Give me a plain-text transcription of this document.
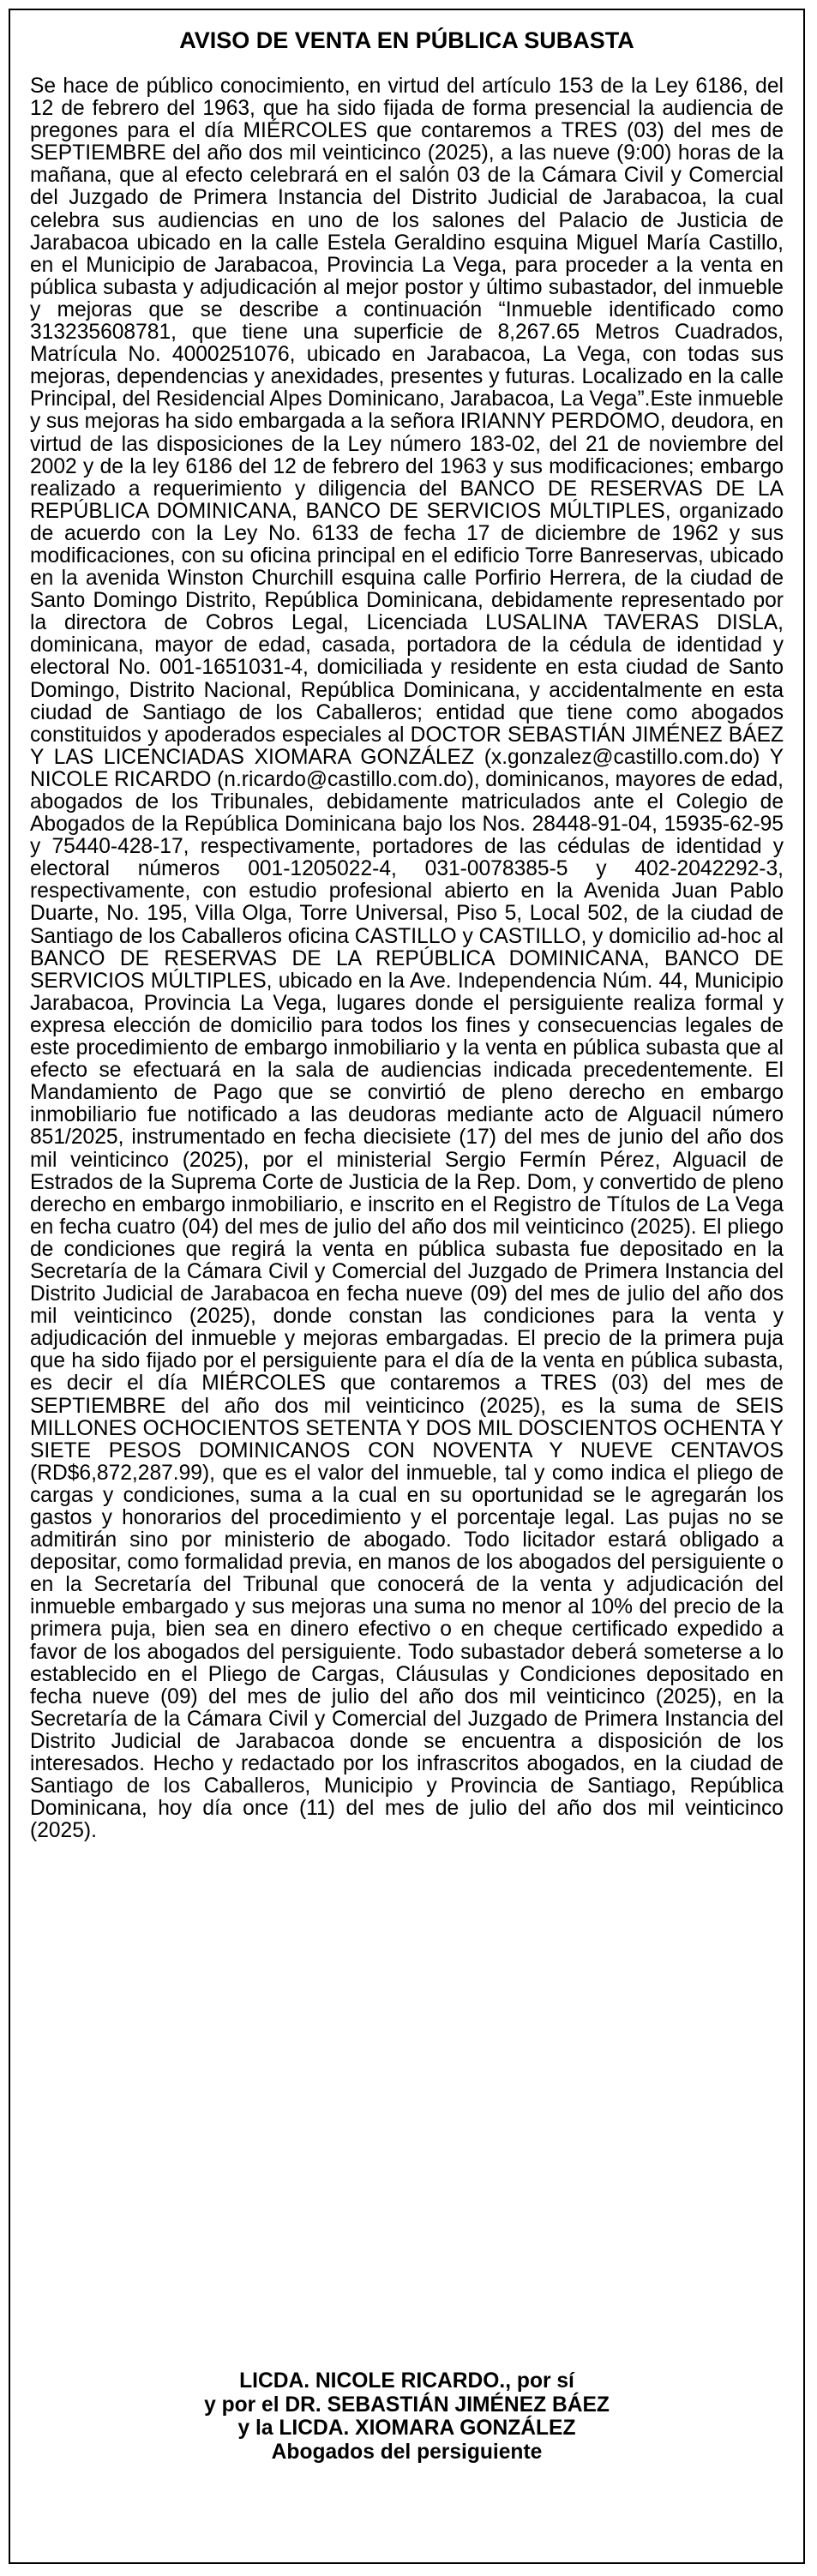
AVISO DE VENTA EN PÚBLICA SUBASTA

Se hace de público conocimiento, en virtud del artículo 153 de la Ley 6186, del 12 de febrero del 1963, que ha sido fijada de forma presencial la audiencia de pregones para el día MIÉRCOLES que contaremos a TRES (03) del mes de SEPTIEMBRE del año dos mil veinticinco (2025), a las nueve (9:00) horas de la mañana, que al efecto celebrará en el salón 03 de la Cámara Civil y Comercial del Juzgado de Primera Instancia del Distrito Judicial de Jarabacoa, la cual celebra sus audiencias en uno de los salones del Palacio de Justicia de Jarabacoa ubicado en la calle Estela Geraldino esquina Miguel María Castillo, en el Municipio de Jarabacoa, Provincia La Vega, para proceder a la venta en pública subasta y adjudicación al mejor postor y último subastador, del inmueble y mejoras que se describe a continuación “Inmueble identificado como 313235608781, que tiene una superficie de 8,267.65 Metros Cuadrados, Matrícula No. 4000251076, ubicado en Jarabacoa, La Vega, con todas sus mejoras, dependencias y anexidades, presentes y futuras. Localizado en la calle Principal, del Residencial Alpes Dominicano, Jarabacoa, La Vega”.Este inmueble y sus mejoras ha sido embargada a la señora IRIANNY PERDOMO, deudora, en virtud de las disposiciones de la Ley número 183-02, del 21 de noviembre del 2002 y de la ley 6186 del 12 de febrero del 1963 y sus modificaciones; embargo realizado a requerimiento y diligencia del BANCO DE RESERVAS DE LA REPÚBLICA DOMINICANA, BANCO DE SERVICIOS MÚLTIPLES, organizado de acuerdo con la Ley No. 6133 de fecha 17 de diciembre de 1962 y sus modificaciones, con su oficina principal en el edificio Torre Banreservas, ubicado en la avenida Winston Churchill esquina calle Porfirio Herrera, de la ciudad de Santo Domingo Distrito, República Dominicana, debidamente representado por la directora de Cobros Legal, Licenciada LUSALINA TAVERAS DISLA, dominicana, mayor de edad, casada, portadora de la cédula de identidad y electoral No. 001-1651031-4, domiciliada y residente en esta ciudad de Santo Domingo, Distrito Nacional, República Dominicana, y accidentalmente en esta ciudad de Santiago de los Caballeros; entidad que tiene como abogados constituidos y apoderados especiales al DOCTOR SEBASTIÁN JIMÉNEZ BÁEZ Y LAS LICENCIADAS XIOMARA GONZÁLEZ (x.gonzalez@castillo.com.do) Y NICOLE RICARDO (n.ricardo@castillo.com.do), dominicanos, mayores de edad, abogados de los Tribunales, debidamente matriculados ante el Colegio de Abogados de la República Dominicana bajo los Nos. 28448-91-04, 15935-62-95 y 75440-428-17, respectivamente, portadores de las cédulas de identidad y electoral números 001-1205022-4, 031-0078385-5 y 402-2042292-3, respectivamente, con estudio profesional abierto en la Avenida Juan Pablo Duarte, No. 195, Villa Olga, Torre Universal, Piso 5, Local 502, de la ciudad de Santiago de los Caballeros oficina CASTILLO y CASTILLO, y domicilio ad-hoc al BANCO DE RESERVAS DE LA REPÚBLICA DOMINICANA, BANCO DE SERVICIOS MÚLTIPLES, ubicado en la Ave. Independencia Núm. 44, Municipio Jarabacoa, Provincia La Vega, lugares donde el persiguiente realiza formal y expresa elección de domicilio para todos los fines y consecuencias legales de este procedimiento de embargo inmobiliario y la venta en pública subasta que al efecto se efectuará en la sala de audiencias indicada precedentemente. El Mandamiento de Pago que se convirtió de pleno derecho en embargo inmobiliario fue notificado a las deudoras mediante acto de Alguacil número 851/2025, instrumentado en fecha diecisiete (17) del mes de junio del año dos mil veinticinco (2025), por el ministerial Sergio Fermín Pérez, Alguacil de Estrados de la Suprema Corte de Justicia de la Rep. Dom, y convertido de pleno derecho en embargo inmobiliario, e inscrito en el Registro de Títulos de La Vega en fecha cuatro (04) del mes de julio del año dos mil veinticinco (2025). El pliego de condiciones que regirá la venta en pública subasta fue depositado en la Secretaría de la Cámara Civil y Comercial del Juzgado de Primera Instancia del Distrito Judicial de Jarabacoa en fecha nueve (09) del mes de julio del año dos mil veinticinco (2025), donde constan las condiciones para la venta y adjudicación del inmueble y mejoras embargadas. El precio de la primera puja que ha sido fijado por el persiguiente para el día de la venta en pública subasta, es decir el día MIÉRCOLES que contaremos a TRES (03) del mes de SEPTIEMBRE del año dos mil veinticinco (2025), es la suma de SEIS MILLONES OCHOCIENTOS SETENTA Y DOS MIL DOSCIENTOS OCHENTA Y SIETE PESOS DOMINICANOS CON NOVENTA Y NUEVE CENTAVOS (RD$6,872,287.99), que es el valor del inmueble, tal y como indica el pliego de cargas y condiciones, suma a la cual en su oportunidad se le agregarán los gastos y honorarios del procedimiento y el porcentaje legal. Las pujas no se admitirán sino por ministerio de abogado. Todo licitador estará obligado a depositar, como formalidad previa, en manos de los abogados del persiguiente o en la Secretaría del Tribunal que conocerá de la venta y adjudicación del inmueble embargado y sus mejoras una suma no menor al 10% del precio de la primera puja, bien sea en dinero efectivo o en cheque certificado expedido a favor de los abogados del persiguiente. Todo subastador deberá someterse a lo establecido en el Pliego de Cargas, Cláusulas y Condiciones depositado en fecha nueve (09) del mes de julio del año dos mil veinticinco (2025), en la Secretaría de la Cámara Civil y Comercial del Juzgado de Primera Instancia del Distrito Judicial de Jarabacoa donde se encuentra a disposición de los interesados. Hecho y redactado por los infrascritos abogados, en la ciudad de Santiago de los Caballeros, Municipio y Provincia de Santiago, República Dominicana, hoy día once (11) del mes de julio del año dos mil veinticinco (2025).

LICDA. NICOLE RICARDO., por sí
y por el DR. SEBASTIÁN JIMÉNEZ BÁEZ
y la LICDA. XIOMARA GONZÁLEZ
Abogados del persiguiente
